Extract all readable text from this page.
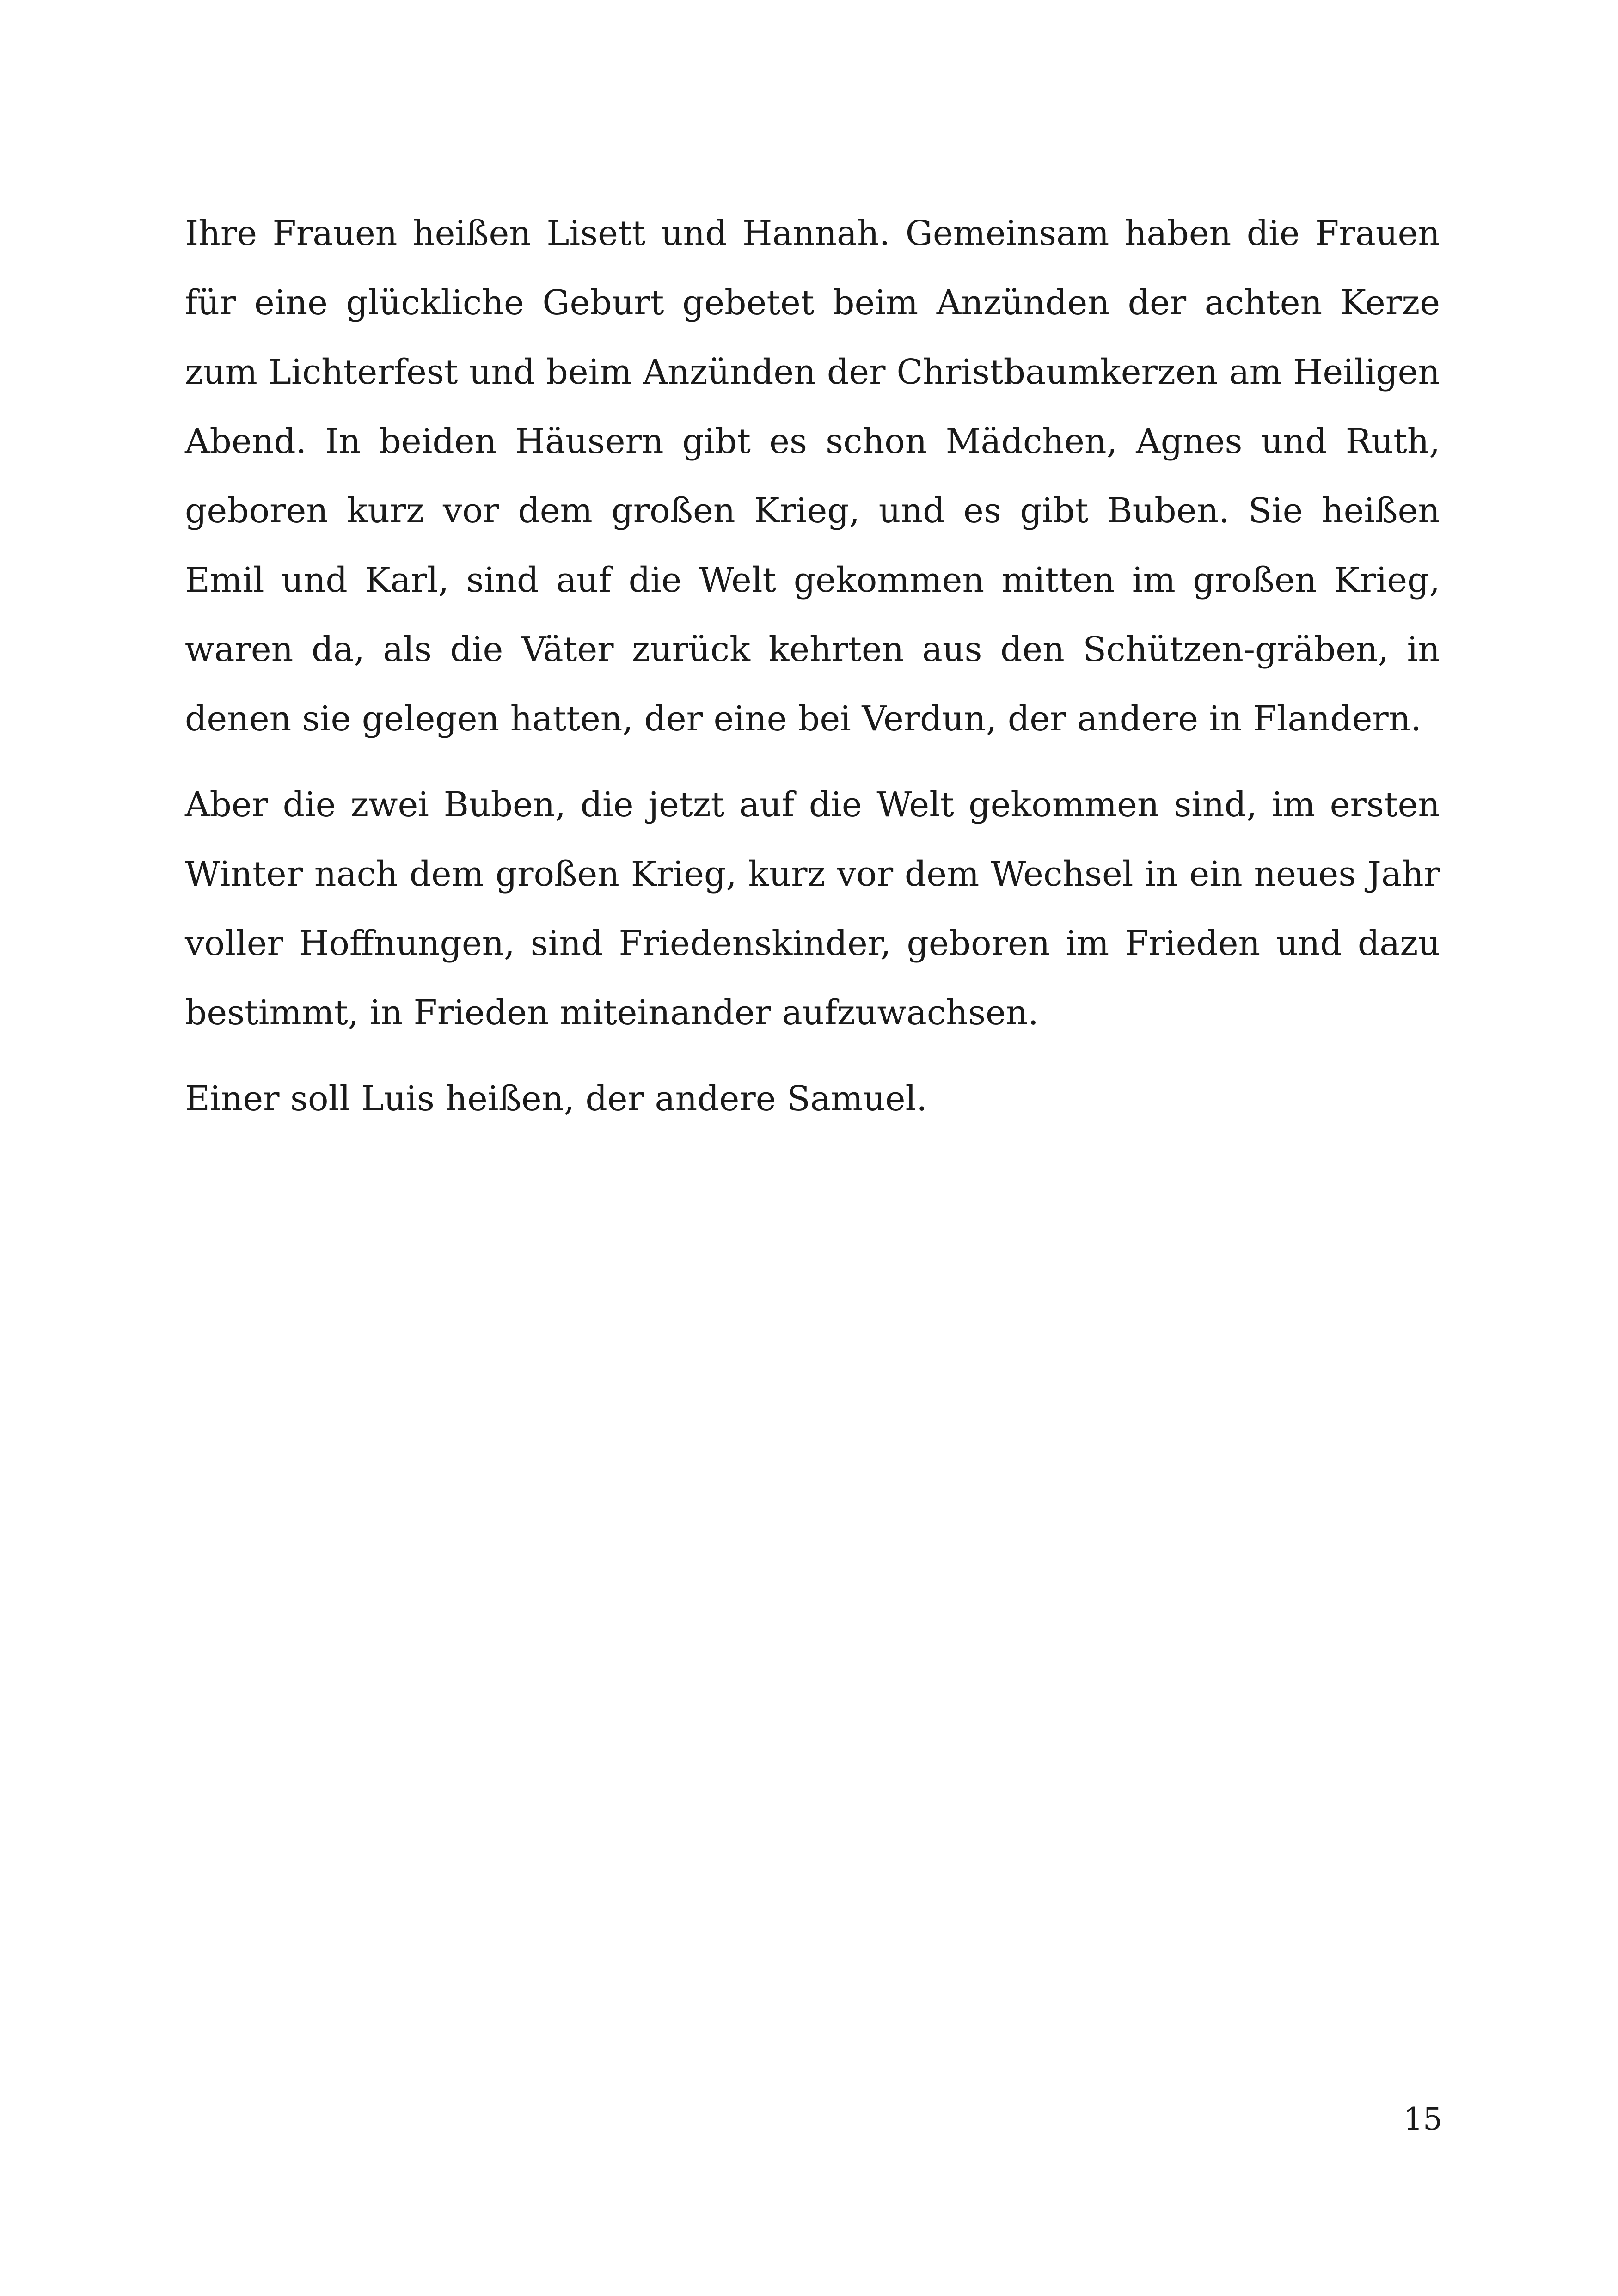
Ihre Frauen heißen Lisett und Hannah. Gemeinsam haben die Frauen für eine glückliche Geburt gebetet beim Anzünden der achten Kerze zum Lichterfest und beim Anzünden der Christbaumkerzen am Heiligen Abend. In beiden Häusern gibt es schon Mädchen, Agnes und Ruth, geboren kurz vor dem großen Krieg, und es gibt Buben. Sie heißen Emil und Karl, sind auf die Welt gekommen mitten im großen Krieg, waren da, als die Väter zurück kehrten aus den Schützen-gräben, in denen sie gelegen hatten, der eine bei Verdun, der andere in Flandern.

Aber die zwei Buben, die jetzt auf die Welt gekommen sind, im ersten Winter nach dem großen Krieg, kurz vor dem Wechsel in ein neues Jahr voller Hoffnungen, sind Friedenskinder, geboren im Frieden und dazu bestimmt, in Frieden miteinander aufzuwachsen.

Einer soll Luis heißen, der andere Samuel.

15
